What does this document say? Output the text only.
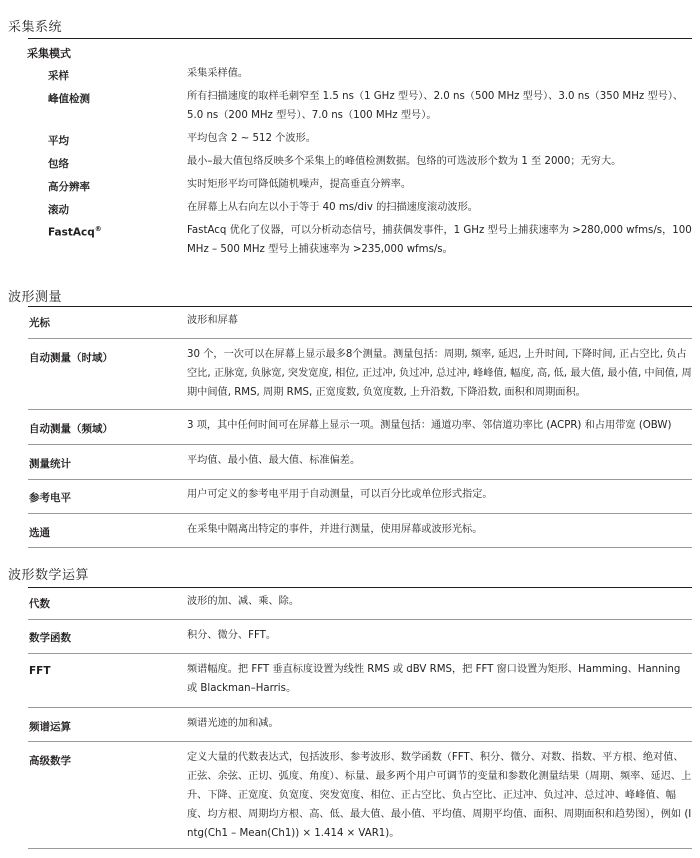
采集系统
采集模式
采样	采集采样值。
峰值检测	所有扫描速度的取样毛刺窄至 1.5 ns（1 GHz 型号）、2.0 ns（500 MHz 型号）、3.0 ns（350 MHz 型号）、5.0 ns（200 MHz 型号）、7.0 ns（100 MHz 型号）。
平均	平均包含 2 ~ 512 个波形。
包络	最小–最大值包络反映多个采集上的峰值检测数据。包络的可选波形个数为 1 至 2000；无穷大。
高分辨率	实时矩形平均可降低随机噪声，提高垂直分辨率。
滚动	在屏幕上从右向左以小于等于 40 ms/div 的扫描速度滚动波形。
FastAcq®	FastAcq 优化了仪器，可以分析动态信号，捕获偶发事件，1 GHz 型号上捕获速率为 >280,000 wfms/s，100 MHz – 500 MHz 型号上捕获速率为 >235,000 wfms/s。
波形测量
光标	波形和屏幕
自动测量（时域）	30 个，一次可以在屏幕上显示最多8个测量。测量包括：周期, 频率, 延迟, 上升时间, 下降时间, 正占空比, 负占空比, 正脉宽, 负脉宽, 突发宽度, 相位, 正过冲, 负过冲, 总过冲, 峰峰值, 幅度, 高, 低, 最大值, 最小值, 中间值, 周期中间值, RMS, 周期 RMS, 正宽度数, 负宽度数, 上升沿数, 下降沿数, 面积和周期面积。
自动测量（频域）	3 项，其中任何时间可在屏幕上显示一项。测量包括：通道功率、邻信道功率比 (ACPR) 和占用带宽 (OBW)
测量统计	平均值、最小值、最大值、标准偏差。
参考电平	用户可定义的参考电平用于自动测量，可以百分比或单位形式指定。
选通	在采集中隔离出特定的事件，并进行测量，使用屏幕或波形光标。
波形数学运算
代数	波形的加、减、乘、除。
数学函数	积分、微分、FFT。
FFT	频谱幅度。把 FFT 垂直标度设置为线性 RMS 或 dBV RMS，把 FFT 窗口设置为矩形、Hamming、Hanning 或 Blackman–Harris。
频谱运算	频谱光迹的加和减。
高级数学	定义大量的代数表达式，包括波形、参考波形、数学函数（FFT、积分、微分、对数、指数、平方根、绝对值、正弦、余弦、正切、弧度、角度）、标量、最多两个用户可调节的变量和参数化测量结果（周期、频率、延迟、上升、下降、正宽度、负宽度、突发宽度、相位、正占空比、负占空比、正过冲、负过冲、总过冲、峰峰值、幅度、均方根、周期均方根、高、低、最大值、最小值、平均值、周期平均值、面积、周期面积和趋势图），例如 (Intg(Ch1 – Mean(Ch1)) × 1.414 × VAR1)。
